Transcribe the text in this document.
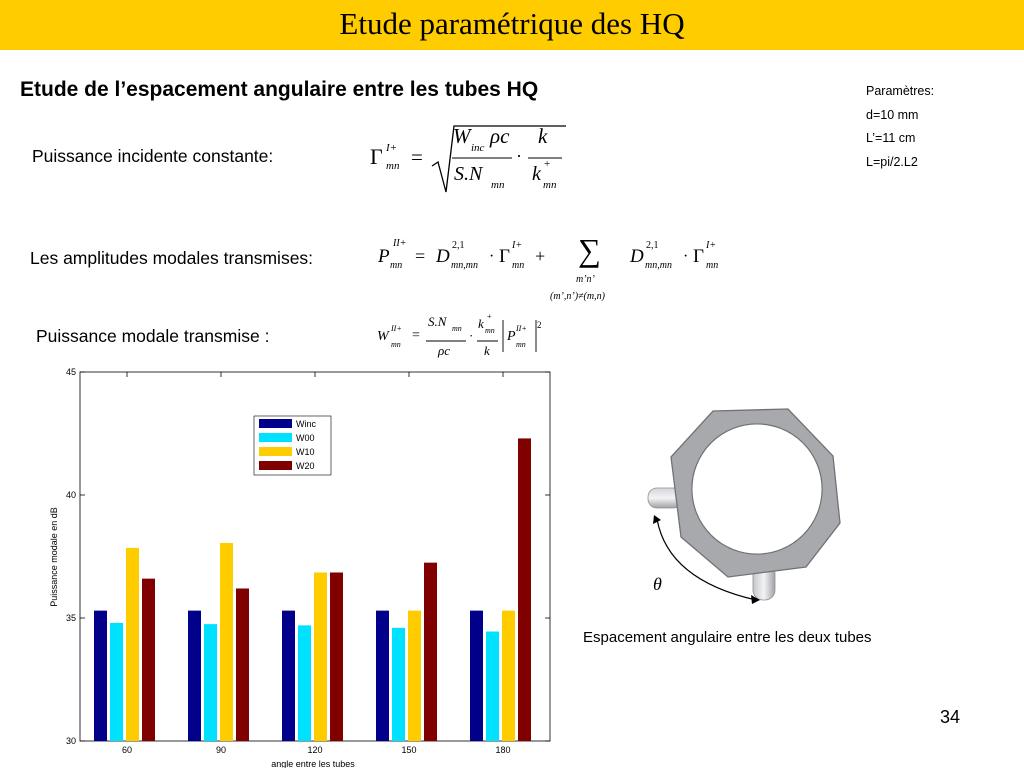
Etude paramétrique des HQ
Etude de l’espacement angulaire entre les tubes HQ	Paramètres:
d=10 mm
L’=11 cm
L=pi/2.L2
Puissance incidente constante:
Les amplitudes modales transmises:
Puissance modale transmise :
Γ I+
mn =
W inc ρc
S.N mn
·
k
k +
mn
P
II+
mn = D
2,1
mn,mn
· Γ
I+
mn + ∑
m’n’
(m’,n’)≠(m,n)
D
2,1
mn,mn
· Γ
I+
mn
W
II+
mn
=
S.N mn
ρc
·
k +
mn
k
P
II+
mn
2
30
35
40
45
60	90	120	150	180
Puissance modale en dB
angle entre les tubes
Winc
W00
W10
W20
θ
Espacement angulaire entre les deux tubes
34
